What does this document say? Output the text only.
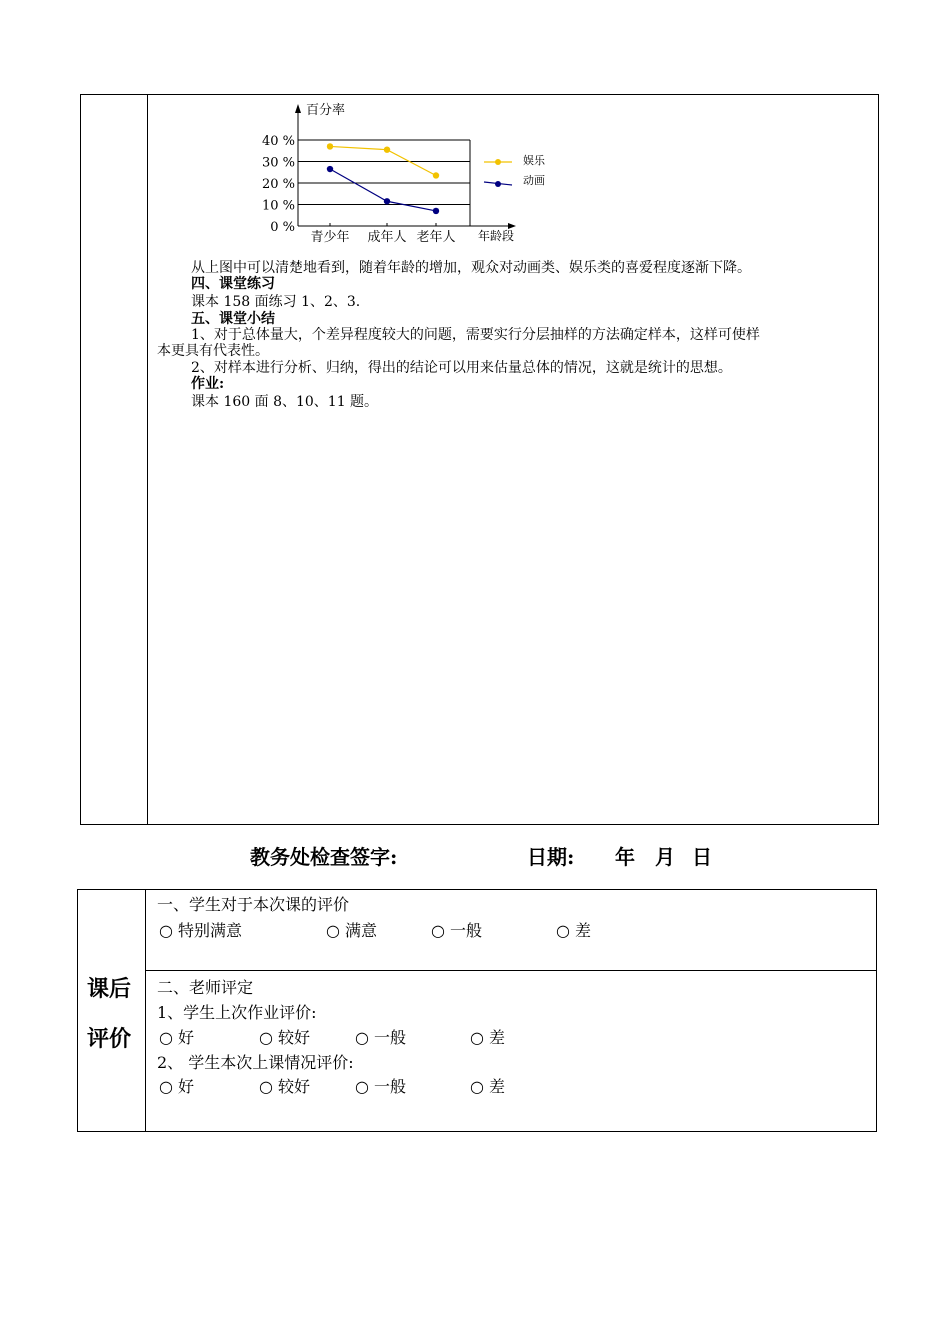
0 %
10 %
20 %
30 %
40 %
百分率
年龄段
青少年 成年人 老年人
娱乐
动画
从上图中可以清楚地看到，随着年龄的增加，观众对动画类、娱乐类的喜爱程度逐渐下降。
四、课堂练习
课本 158 面练习 1、2、3.
五、课堂小结
1、对于总体量大，个差异程度较大的问题，需要实行分层抽样的方法确定样本，这样可使样
本更具有代表性。
2、对样本进行分析、归纳，得出的结论可以用来估量总体的情况，这就是统计的思想。
作业:
课本 160 面 8、10、11 题。
教务处检查签字:	日期: 年 月 日
课后
评价
一、学生对于本次课的评价
○ 特别满意	○ 满意	○ 一般	○ 差
二、老师评定
1、学生上次作业评价:
○ 好	○ 较好	○ 一般	○ 差
2、 学生本次上课情况评价:
○ 好	○ 较好	○ 一般	○ 差
